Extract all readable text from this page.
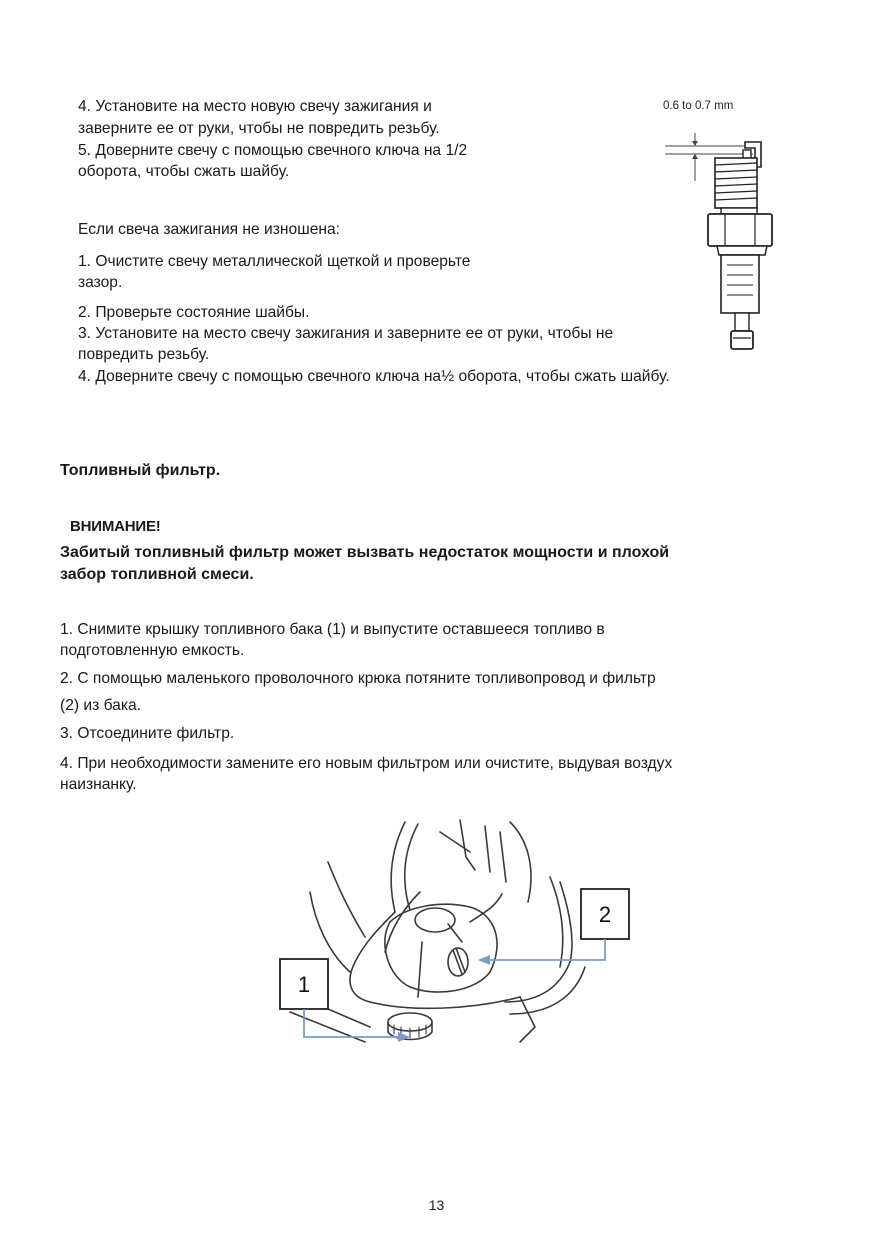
4. Установите на место новую свечу зажигания и

заверните ее от руки, чтобы не повредить резьбу.

5. Доверните свечу с помощью свечного ключа на 1/2

оборота, чтобы сжать шайбу.

Если свеча зажигания не изношена:

1. Очистите свечу металлической щеткой и проверьте

зазор.

2. Проверьте состояние шайбы.

3. Установите на место свечу зажигания и заверните ее от руки, чтобы не

повредить резьбу.

4. Доверните свечу с помощью свечного ключа на½ оборота, чтобы сжать шайбу.

0.6 to 0.7 mm

Топливный фильтр.

ВНИМАНИЕ!

Забитый топливный фильтр может вызвать недостаток мощности и плохой

забор топливной смеси.

1. Снимите крышку топливного бака (1) и выпустите оставшееся топливо в

подготовленную емкость.

2. С помощью маленького проволочного крюка потяните топливопровод и фильтр

(2) из бака.

3. Отсоедините фильтр.

4. При необходимости замените его новым фильтром или очистите, выдувая воздух

наизнанку.

1
2
13
